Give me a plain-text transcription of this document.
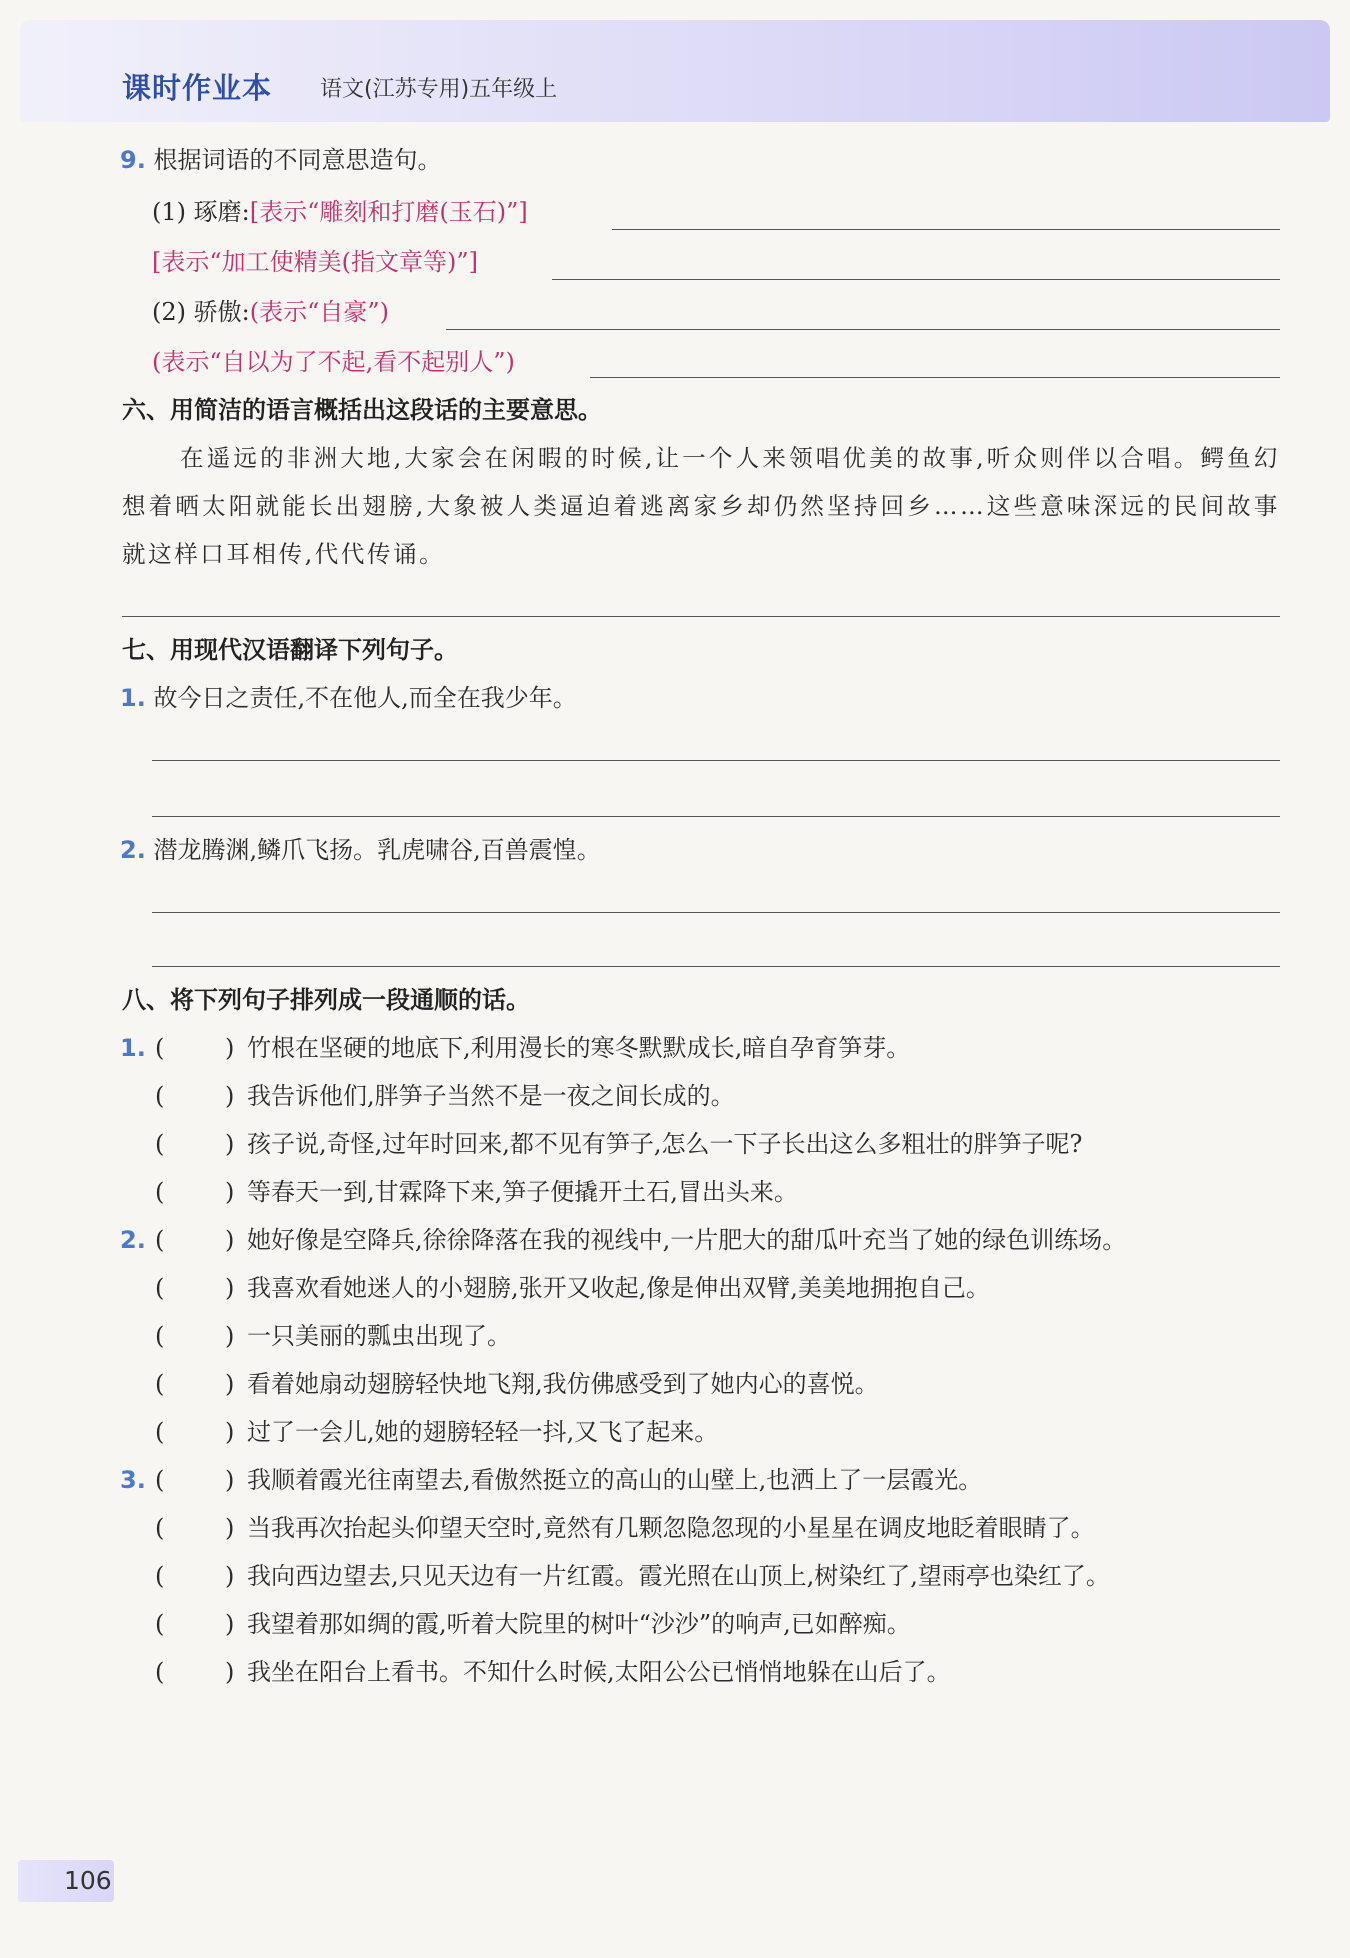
课时作业本 语文(江苏专用)五年级上
9. 根据词语的不同意思造句。
(1) 琢磨:[表示“雕刻和打磨(玉石)”]
[表示“加工使精美(指文章等)”]
(2) 骄傲:(表示“自豪”)
(表示“自以为了不起,看不起别人”)
六、用简洁的语言概括出这段话的主要意思。
在遥远的非洲大地,大家会在闲暇的时候,让一个人来领唱优美的故事,听众则伴以合唱。鳄鱼幻想着晒太阳就能长出翅膀,大象被人类逼迫着逃离家乡却仍然坚持回乡……这些意味深远的民间故事就这样口耳相传,代代传诵。
七、用现代汉语翻译下列句子。
1. 故今日之责任,不在他人,而全在我少年。
2. 潜龙腾渊,鳞爪飞扬。乳虎啸谷,百兽震惶。
八、将下列句子排列成一段通顺的话。
1. (	) 竹根在坚硬的地底下,利用漫长的寒冬默默成长,暗自孕育笋芽。
(	) 我告诉他们,胖笋子当然不是一夜之间长成的。
(	) 孩子说,奇怪,过年时回来,都不见有笋子,怎么一下子长出这么多粗壮的胖笋子呢?
(	) 等春天一到,甘霖降下来,笋子便撬开土石,冒出头来。
2. (	) 她好像是空降兵,徐徐降落在我的视线中,一片肥大的甜瓜叶充当了她的绿色训练场。
(	) 我喜欢看她迷人的小翅膀,张开又收起,像是伸出双臂,美美地拥抱自己。
(	) 一只美丽的瓢虫出现了。
(	) 看着她扇动翅膀轻快地飞翔,我仿佛感受到了她内心的喜悦。
(	) 过了一会儿,她的翅膀轻轻一抖,又飞了起来。
3. (	) 我顺着霞光往南望去,看傲然挺立的高山的山壁上,也洒上了一层霞光。
(	) 当我再次抬起头仰望天空时,竟然有几颗忽隐忽现的小星星在调皮地眨着眼睛了。
(	) 我向西边望去,只见天边有一片红霞。霞光照在山顶上,树染红了,望雨亭也染红了。
(	) 我望着那如绸的霞,听着大院里的树叶“沙沙”的响声,已如醉痴。
(	) 我坐在阳台上看书。不知什么时候,太阳公公已悄悄地躲在山后了。
106
